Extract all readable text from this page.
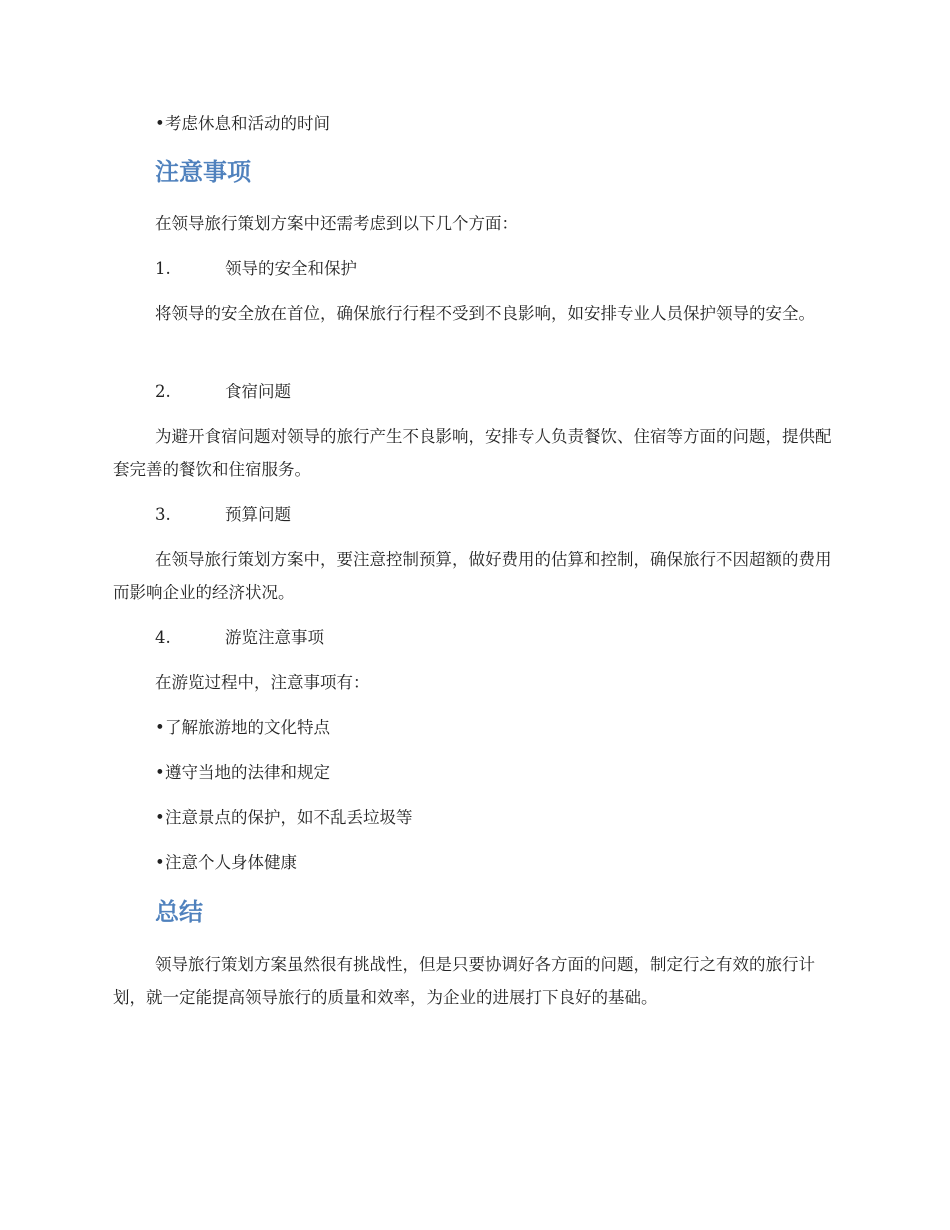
•考虑休息和活动的时间

注意事项

在领导旅行策划方案中还需考虑到以下几个方面：

1.	领导的安全和保护

将领导的安全放在首位，确保旅行行程不受到不良影响，如安排专业人员保护领导的安全。

2.	食宿问题

为避开食宿问题对领导的旅行产生不良影响，安排专人负责餐饮、住宿等方面的问题，提供配套完善的餐饮和住宿服务。

3.	预算问题

在领导旅行策划方案中，要注意控制预算，做好费用的估算和控制，确保旅行不因超额的费用而影响企业的经济状况。

4.	游览注意事项

在游览过程中，注意事项有：

•了解旅游地的文化特点

•遵守当地的法律和规定

•注意景点的保护，如不乱丢垃圾等

•注意个人身体健康

总结

领导旅行策划方案虽然很有挑战性，但是只要协调好各方面的问题，制定行之有效的旅行计划，就一定能提高领导旅行的质量和效率，为企业的进展打下良好的基础。
